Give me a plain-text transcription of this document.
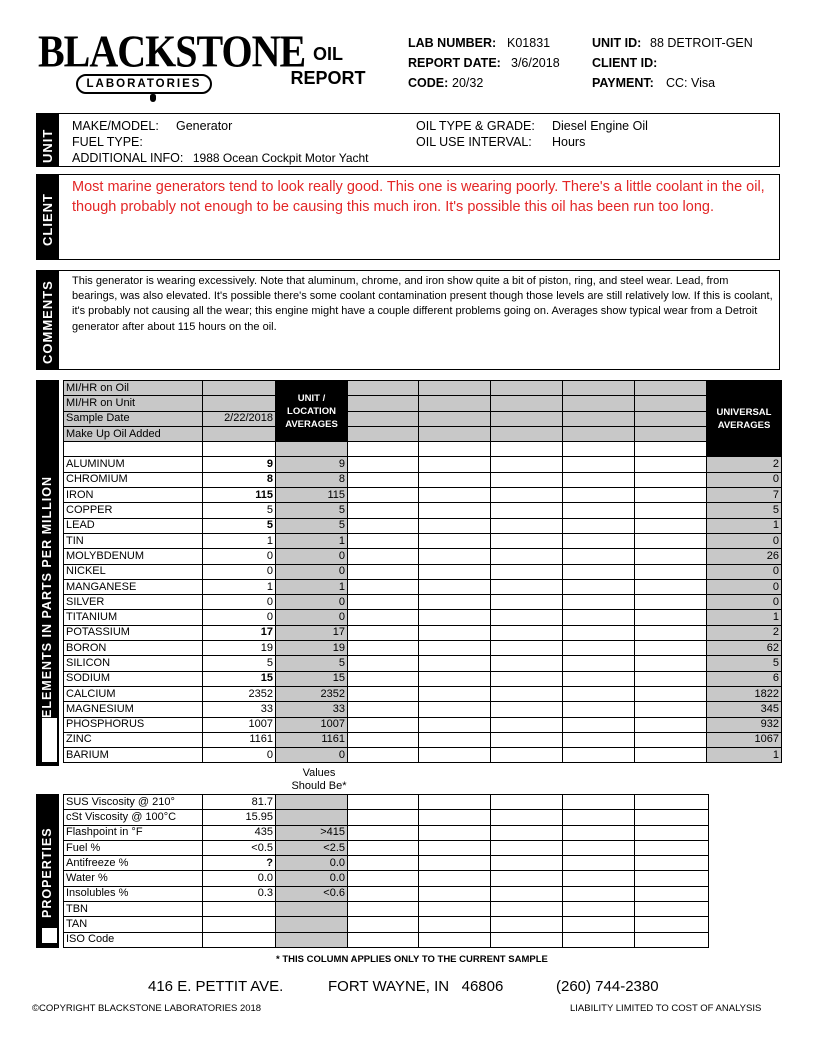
BLACKSTONE
LABORATORIES
OIL
REPORT
LAB NUMBER: K01831
REPORT DATE: 3/6/2018
CODE: 20/32
UNIT ID: 88 DETROIT-GEN
CLIENT ID:
PAYMENT: CC: Visa
UNIT
MAKE/MODEL: Generator
FUEL TYPE:
ADDITIONAL INFO: 1988 Ocean Cockpit Motor Yacht
OIL TYPE & GRADE: Diesel Engine Oil
OIL USE INTERVAL: Hours
CLIENT
Most marine generators tend to look really good. This one is wearing poorly. There's a little coolant in the oil, though probably not enough to be causing this much iron. It's possible this oil has been run too long.
COMMENTS	This generator is wearing excessively. Note that aluminum, chrome, and iron show quite a bit of piston, ring, and steel wear. Lead, from bearings, was also elevated. It's possible there's some coolant contamination present though those levels are still relatively low. If this is coolant, it's probably not causing all the wear; this engine might have a couple different problems going on. Averages show typical wear from a Detroit generator after about 115 hours on the oil.
ELEMENTS IN PARTS PER MILLION
MI/HR on Oil		UNIT / LOCATION AVERAGES						UNIVERSAL AVERAGES
MI/HR on Unit								
Sample Date	2/22/2018							
Make Up Oil Added								

ALUMINUM	9	9						2
CHROMIUM	8	8						0
IRON	115	115						7
COPPER	5	5						5
LEAD	5	5						1
TIN	1	1						0
MOLYBDENUM	0	0						26
NICKEL	0	0						0
MANGANESE	1	1						0
SILVER	0	0						0
TITANIUM	0	0						1
POTASSIUM	17	17						2
BORON	19	19						62
SILICON	5	5						5
SODIUM	15	15						6
CALCIUM	2352	2352						1822
MAGNESIUM	33	33						345
PHOSPHORUS	1007	1007						932
ZINC	1161	1161						1067
BARIUM	0	0						1
Values
Should Be*
PROPERTIES
SUS Viscosity @ 210°	81.7						
cSt Viscosity @ 100°C	15.95						
Flashpoint in °F	435	>415					
Fuel %	<0.5	<2.5					
Antifreeze %	?	0.0					
Water %	0.0	0.0					
Insolubles %	0.3	<0.6					
TBN							
TAN							
ISO Code							
* THIS COLUMN APPLIES ONLY TO THE CURRENT SAMPLE
416 E. PETTIT AVE.	FORT WAYNE, IN   46806	(260) 744-2380
©COPYRIGHT BLACKSTONE LABORATORIES 2018	LIABILITY LIMITED TO COST OF ANALYSIS
